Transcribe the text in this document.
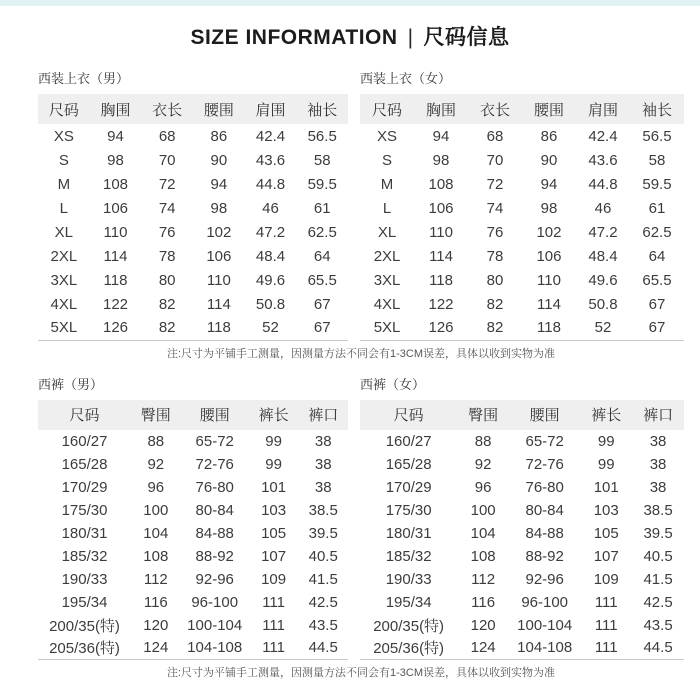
SIZE INFORMATION | 尺码信息
西装上衣（男）
尺码	胸围	衣长	腰围	肩围	袖长
XS	94	68	86	42.4	56.5
S	98	70	90	43.6	58
M	108	72	94	44.8	59.5
L	106	74	98	46	61
XL	110	76	102	47.2	62.5
2XL	114	78	106	48.4	64
3XL	118	80	110	49.6	65.5
4XL	122	82	114	50.8	67
5XL	126	82	118	52	67
西装上衣（女）
尺码	胸围	衣长	腰围	肩围	袖长
XS	94	68	86	42.4	56.5
S	98	70	90	43.6	58
M	108	72	94	44.8	59.5
L	106	74	98	46	61
XL	110	76	102	47.2	62.5
2XL	114	78	106	48.4	64
3XL	118	80	110	49.6	65.5
4XL	122	82	114	50.8	67
5XL	126	82	118	52	67
注:尺寸为平铺手工测量，因测量方法不同会有1-3CM误差，具体以收到实物为准
西裤（男）
尺码	臀围	腰围	裤长	裤口
160/27	88	65-72	99	38
165/28	92	72-76	99	38
170/29	96	76-80	101	38
175/30	100	80-84	103	38.5
180/31	104	84-88	105	39.5
185/32	108	88-92	107	40.5
190/33	112	92-96	109	41.5
195/34	116	96-100	111	42.5
200/35(特)	120	100-104	111	43.5
205/36(特)	124	104-108	111	44.5
西裤（女）
尺码	臀围	腰围	裤长	裤口
160/27	88	65-72	99	38
165/28	92	72-76	99	38
170/29	96	76-80	101	38
175/30	100	80-84	103	38.5
180/31	104	84-88	105	39.5
185/32	108	88-92	107	40.5
190/33	112	92-96	109	41.5
195/34	116	96-100	111	42.5
200/35(特)	120	100-104	111	43.5
205/36(特)	124	104-108	111	44.5
注:尺寸为平铺手工测量，因测量方法不同会有1-3CM误差，具体以收到实物为准
